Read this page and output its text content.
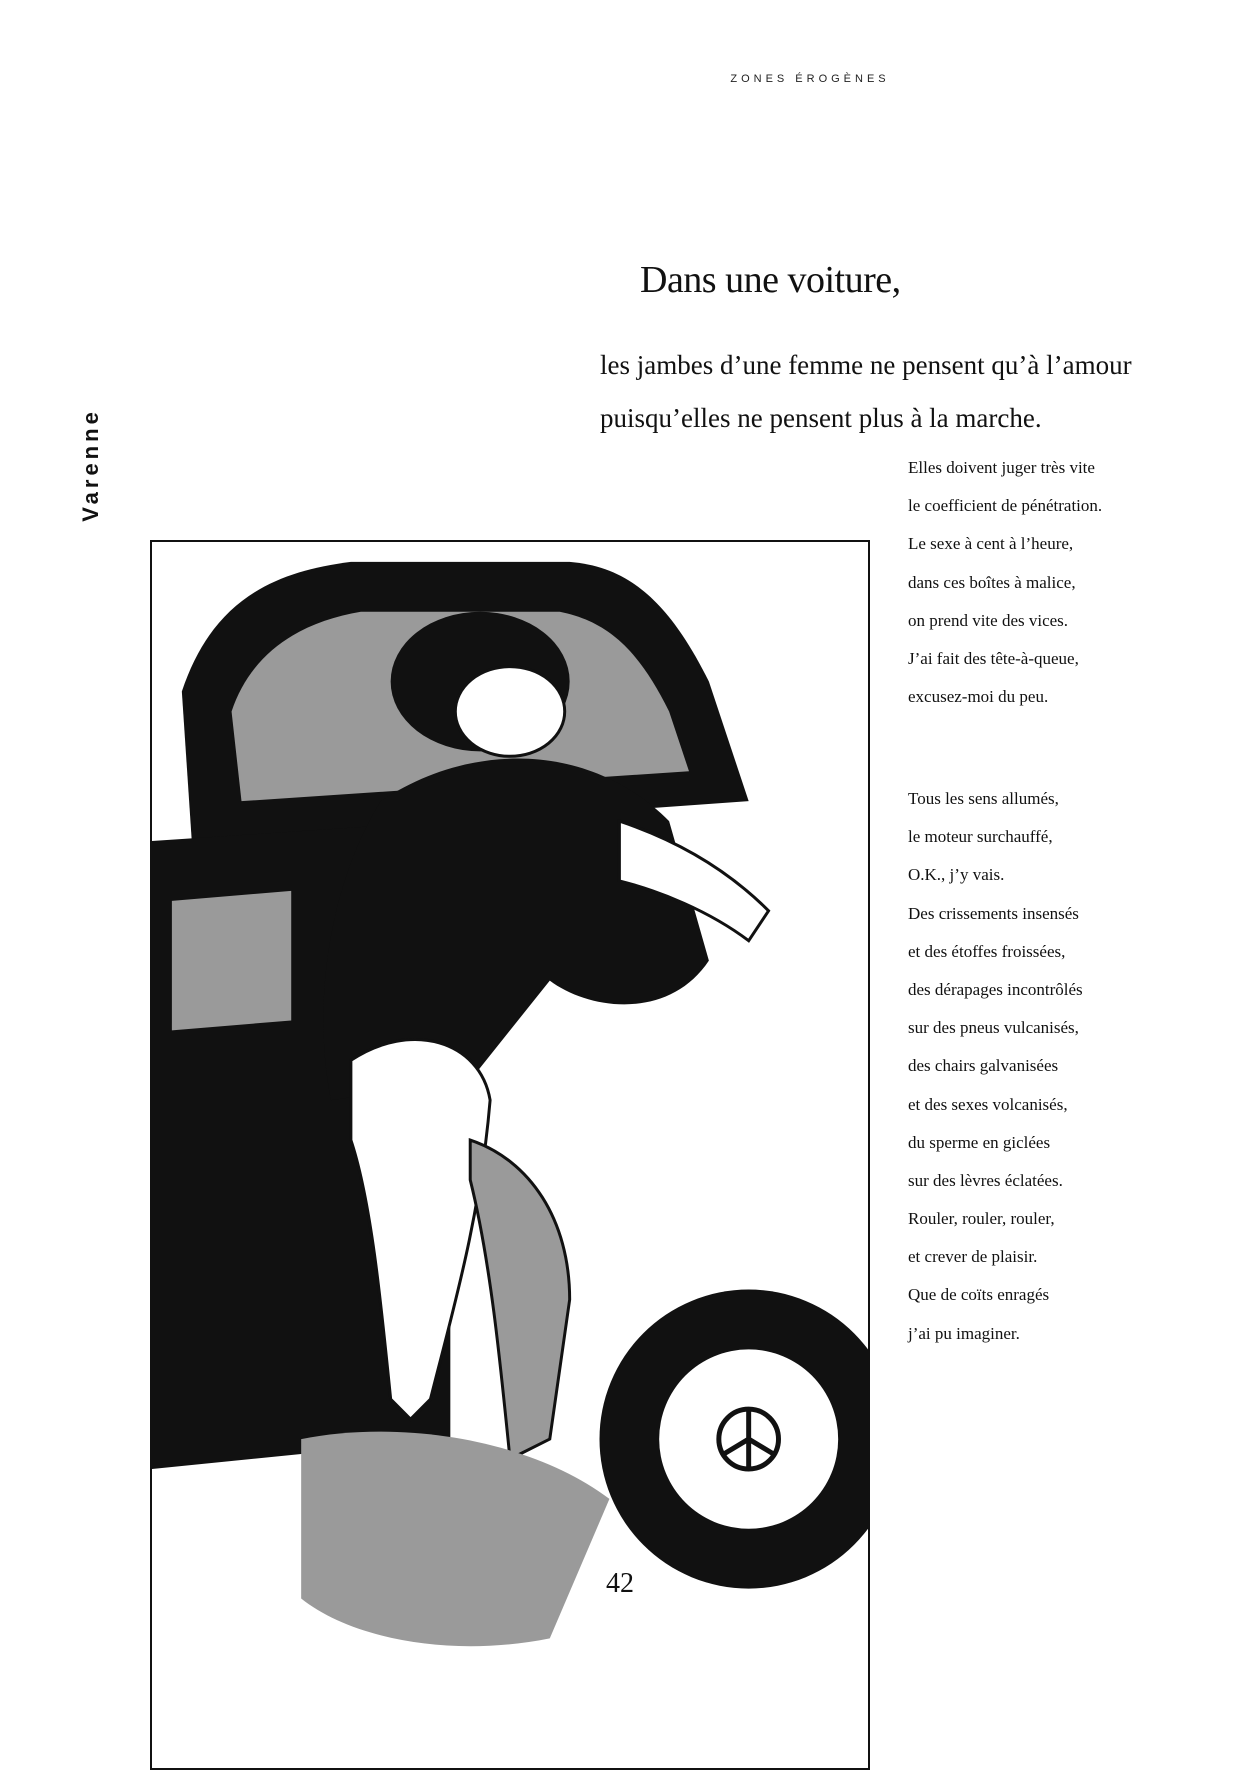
ZONES ÉROGÈNES
Varenne
Dans une voiture,

les jambes d’une femme ne pensent qu’à l’amour

puisqu’elles ne pensent plus à la marche.

Elles doivent juger très vite
le coefficient de pénétration.
Le sexe à cent à l’heure,
dans ces boîtes à malice,
on prend vite des vices.
J’ai fait des tête-à-queue,
excusez-moi du peu.
Tous les sens allumés,
le moteur surchauffé,
O.K., j’y vais.
Des crissements insensés
et des étoffes froissées,
des dérapages incontrôlés
sur des pneus vulcanisés,
des chairs galvanisées
et des sexes volcanisés,
du sperme en giclées
sur des lèvres éclatées.
Rouler, rouler, rouler,
et crever de plaisir.
Que de coïts enragés
j’ai pu imaginer.
42
